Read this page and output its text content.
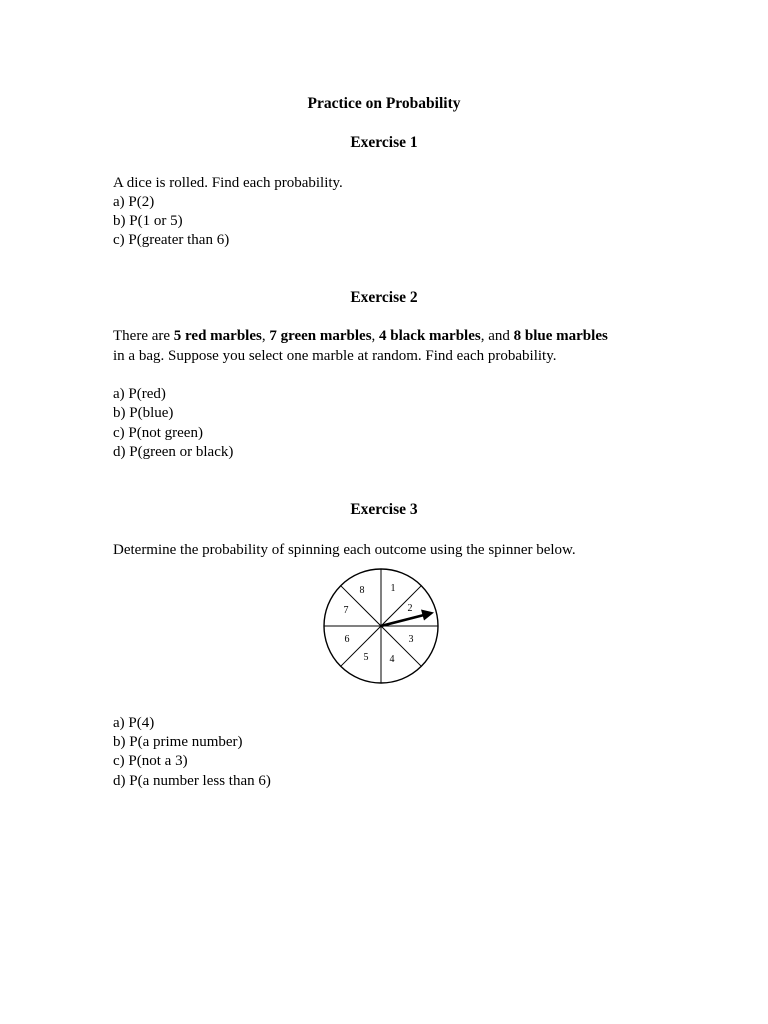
Practice on Probability
Exercise 1
A dice is rolled. Find each probability.
a) P(2)
b) P(1 or 5)
c) P(greater than 6)
Exercise 2
There are 5 red marbles, 7 green marbles, 4 black marbles, and 8 blue marbles
in a bag. Suppose you select one marble at random. Find each probability.
a) P(red)
b) P(blue)
c) P(not green)
d) P(green or black)
Exercise 3
Determine the probability of spinning each outcome using the spinner below.
8	1
7	2
6	3
5 4
a) P(4)
b) P(a prime number)
c) P(not a 3)
d) P(a number less than 6)
